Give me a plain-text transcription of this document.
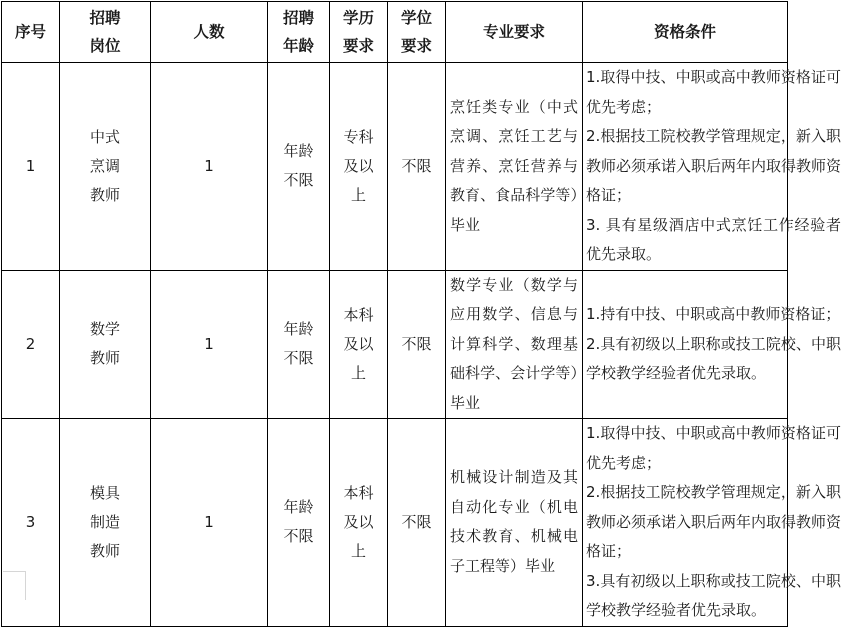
序号	招聘岗位	人数	招聘年龄	学历要求	学位要求	专业要求	资格条件
1	中式烹调教师	1	年龄不限	专科及以上	不限	烹饪类专业（中式烹调、烹饪工艺与营养、烹饪营养与教育、食品科学等）毕业	1.取得中技、中职或高中教师资格证可优先考虑；
2.根据技工院校教学管理规定，新入职教师必须承诺入职后两年内取得教师资格证；
3. 具有星级酒店中式烹饪工作经验者优先录取。

2	数学教师	1	年龄不限	本科及以上	不限	数学专业（数学与应用数学、信息与计算科学、数理基础科学、会计学等）毕业	1.持有中技、中职或高中教师资格证；
2.具有初级以上职称或技工院校、中职学校教学经验者优先录取。

3	模具制造教师	1	年龄不限	本科及以上	不限	机械设计制造及其自动化专业（机电技术教育、机械电子工程等）毕业	1.取得中技、中职或高中教师资格证可优先考虑；
2.根据技工院校教学管理规定，新入职教师必须承诺入职后两年内取得教师资格证；
3.具有初级以上职称或技工院校、中职学校教学经验者优先录取。
